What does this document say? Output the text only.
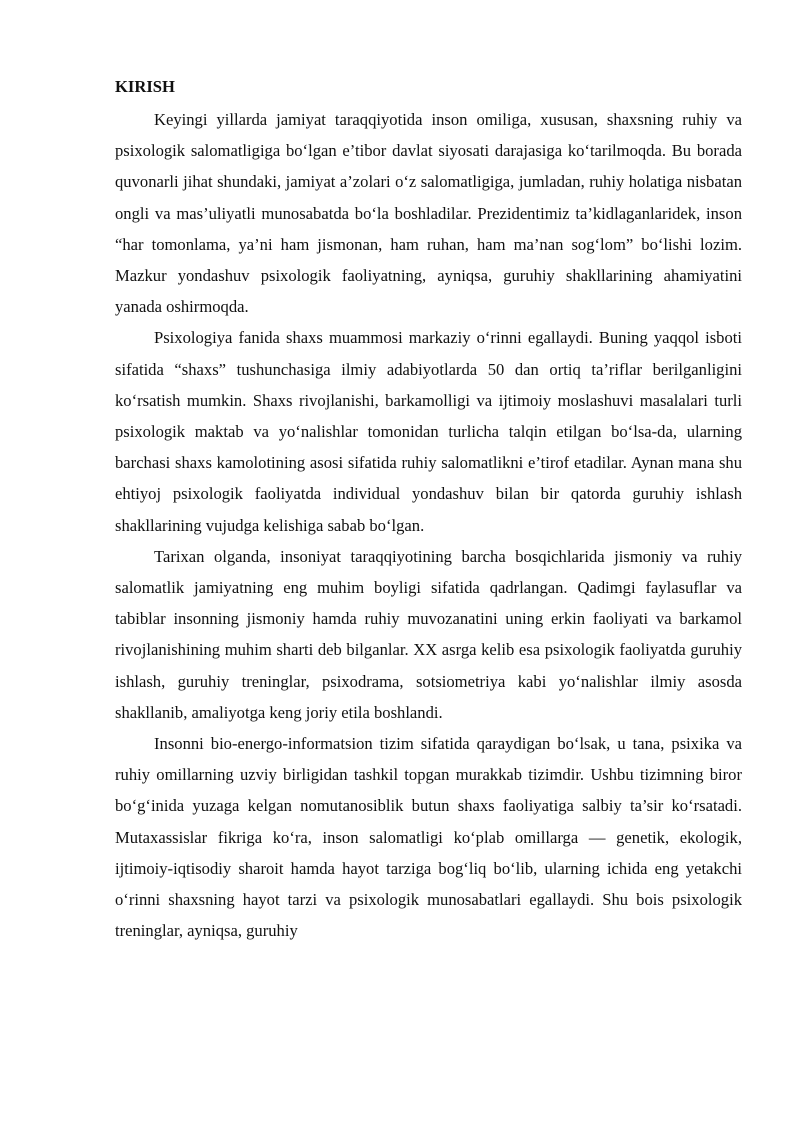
KIRISH

Keyingi yillarda jamiyat taraqqiyotida inson omiliga, xususan, shaxsning ruhiy va psixologik salomatligiga bo‘lgan e’tibor davlat siyosati darajasiga ko‘tarilmoqda. Bu borada quvonarli jihat shundaki, jamiyat a’zolari o‘z salomatligiga, jumladan, ruhiy holatiga nisbatan ongli va mas’uliyatli munosabatda bo‘la boshladilar. Prezidentimiz ta’kidlaganlaridek, inson “har tomonlama, ya’ni ham jismonan, ham ruhan, ham ma’nan sog‘lom” bo‘lishi lozim. Mazkur yondashuv psixologik faoliyatning, ayniqsa, guruhiy shakllarining ahamiyatini yanada oshirmoqda.

Psixologiya fanida shaxs muammosi markaziy o‘rinni egallaydi. Buning yaqqol isboti sifatida “shaxs” tushunchasiga ilmiy adabiyotlarda 50 dan ortiq ta’riflar berilganligini ko‘rsatish mumkin. Shaxs rivojlanishi, barkamolligi va ijtimoiy moslashuvi masalalari turli psixologik maktab va yo‘nalishlar tomonidan turlicha talqin etilgan bo‘lsa-da, ularning barchasi shaxs kamolotining asosi sifatida ruhiy salomatlikni e’tirof etadilar. Aynan mana shu ehtiyoj psixologik faoliyatda individual yondashuv bilan bir qatorda guruhiy ishlash shakllarining vujudga kelishiga sabab bo‘lgan.

Tarixan olganda, insoniyat taraqqiyotining barcha bosqichlarida jismoniy va ruhiy salomatlik jamiyatning eng muhim boyligi sifatida qadrlangan. Qadimgi faylasuflar va tabiblar insonning jismoniy hamda ruhiy muvozanatini uning erkin faoliyati va barkamol rivojlanishining muhim sharti deb bilganlar. XX asrga kelib esa psixologik faoliyatda guruhiy ishlash, guruhiy treninglar, psixodrama, sotsiometriya kabi yo‘nalishlar ilmiy asosda shakllanib, amaliyotga keng joriy etila boshlandi.

Insonni bio-energo-informatsion tizim sifatida qaraydigan bo‘lsak, u tana, psixika va ruhiy omillarning uzviy birligidan tashkil topgan murakkab tizimdir. Ushbu tizimning biror bo‘g‘inida yuzaga kelgan nomutanosiblik butun shaxs faoliyatiga salbiy ta’sir ko‘rsatadi. Mutaxassislar fikriga ko‘ra, inson salomatligi ko‘plab omillarga — genetik, ekologik, ijtimoiy-iqtisodiy sharoit hamda hayot tarziga bog‘liq bo‘lib, ularning ichida eng yetakchi o‘rinni shaxsning hayot tarzi va psixologik munosabatlari egallaydi. Shu bois psixologik treninglar, ayniqsa, guruhiy
